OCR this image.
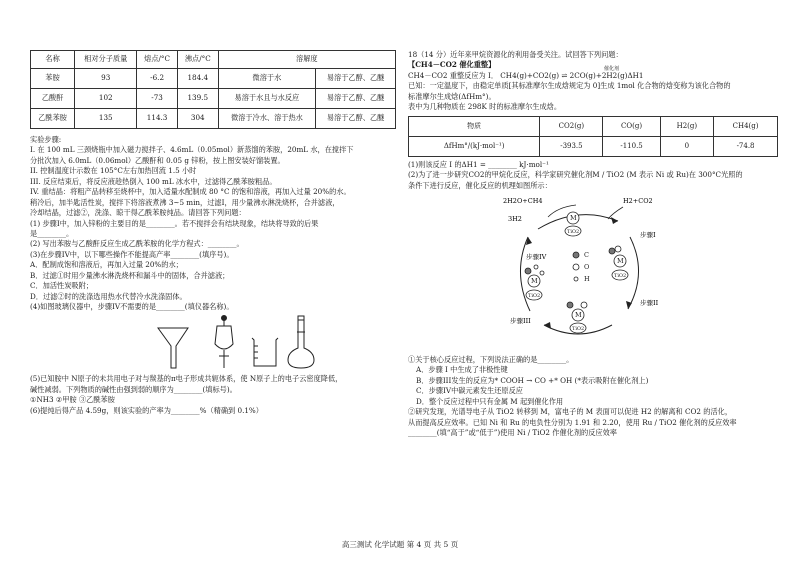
名称	相对分子质量	熔点/°C	沸点/°C	溶解度	
苯胺	93	-6.2	184.4	微溶于水	易溶于乙醇、乙醚
乙酸酐	102	-73	139.5	易溶于水且与水反应	易溶于乙醇、乙醚
乙酰苯胺	135	114.3	304	微溶于冷水、溶于热水	易溶于乙醇、乙醚

实验步骤:

I. 在 100 mL 三颈烧瓶中加入磁力搅拌子、4.6mL（0.05mol）新蒸馏的苯胺，20mL 水，在搅拌下

分批次加入 6.0mL（0.06mol）乙酸酐和 0.05 g 锌粉，按上图安装好馏装置。

II. 控制温度计示数在 105°C左右加热回流 1.5 小时

III. 反应结束后，将反应液趁热倒入 100 mL 冰水中，过滤得乙酰苯胺粗品。

IV. 重结晶：将粗产品转移至烧杯中，加入适量水配制成 80 °C 的饱和溶液，再加入过量 20%的水。

稍冷后，加半匙活性炭，搅拌下将溶液煮沸 3~5 min，过滤I，用少量沸水淋洗烧杯，合并滤液，

冷却结晶，过滤②，洗涤、晾干得乙酰苯胺纯品。请回答下列问题：

(1) 步骤I中，加入锌粉的主要目的是________。若不搅拌会有结块现象，结块将导致的后果

是________。

(2) 写出苯胺与乙酸酐反应生成乙酰苯胺的化学方程式：________。

(3)在步骤IV中，以下哪些操作不能提高产率________(填序号)。

A．配制成饱和溶液后，再加入过量 20%的水；

B．过滤①时用少量沸水淋洗烧杯和漏斗中的固体，合并滤液；

C．加活性炭吸附；

D．过滤②时的洗涤选用热水代替冷水洗涤固体。

(4)如图玻璃仪器中，步骤IV不需要的是________(填仪器名称)。

(5)已知胺中 N原子的未共用电子对与羰基的π电子形成共轭体系，使 N原子上的电子云密度降低，

碱性减弱。下列物质的碱性由强到弱的顺序为________(填标号)。

①NH3 ②甲胺 ③乙酰苯胺

(6)提纯后得产品 4.59g，则该实验的产率为________%（精确到 0.1%）

18（14 分）近年来甲烷资源化的利用备受关注。试回答下列问题：

【CH4－CO2 催化重整】

CH4－CO2 重整反应为 I． CH4(g)+CO2(g) ⇌ 2CO(g)+2H2(g)ΔH1
催化剂

已知：一定温度下，由稳定单质[其标准摩尔生成焓规定为 0]生成 1mol 化合物的焓变称为该化合物的

标准摩尔生成焓(ΔfHm°)。

表中为几种物质在 298K 时的标准摩尔生成焓。

物质	CO2(g)	CO(g)	H2(g)	CH4(g)
ΔfHm°/(kJ·mol⁻¹)	-393.5	-110.5	0	-74.8

(1)则该反应 I 的ΔH1 = ________ kJ·mol⁻¹

(2)为了进一步研究CO2的甲烷化反应，科学家研究催化剂M / TiO2 (M 表示 Ni 或 Ru)在 300°C光照的

条件下进行反应，催化反应的机理如图所示：

2H2O+CH4
3H2
H2+CO2
步骤IV
步骤I
步骤III
步骤II
M
TiO2
M
TiO2
M
TiO2
M
TiO2
C
O
H

①关于核心反应过程，下列说法正确的是________。

A．步骤 I 中生成了非极性键

B．步骤III发生的反应为* COOH → CO +* OH (*表示吸附在催化剂上)

C．步骤IV中碳元素发生还原反应

D．整个反应过程中只有金属 M 起到催化作用

②研究发现，光谱导电子从 TiO2 转移到 M，富电子的 M 表面可以促进 H2 的解离和 CO2 的活化，

从而提高反应效率。已知 Ni 和 Ru 的电负性分别为 1.91 和 2.20，使用 Ru / TiO2 催化剂的反应效率

________(填“高于”或“低于”)使用 Ni / TiO2 作催化剂的反应效率

高三测试 化学试题 第 4 页 共 5 页
